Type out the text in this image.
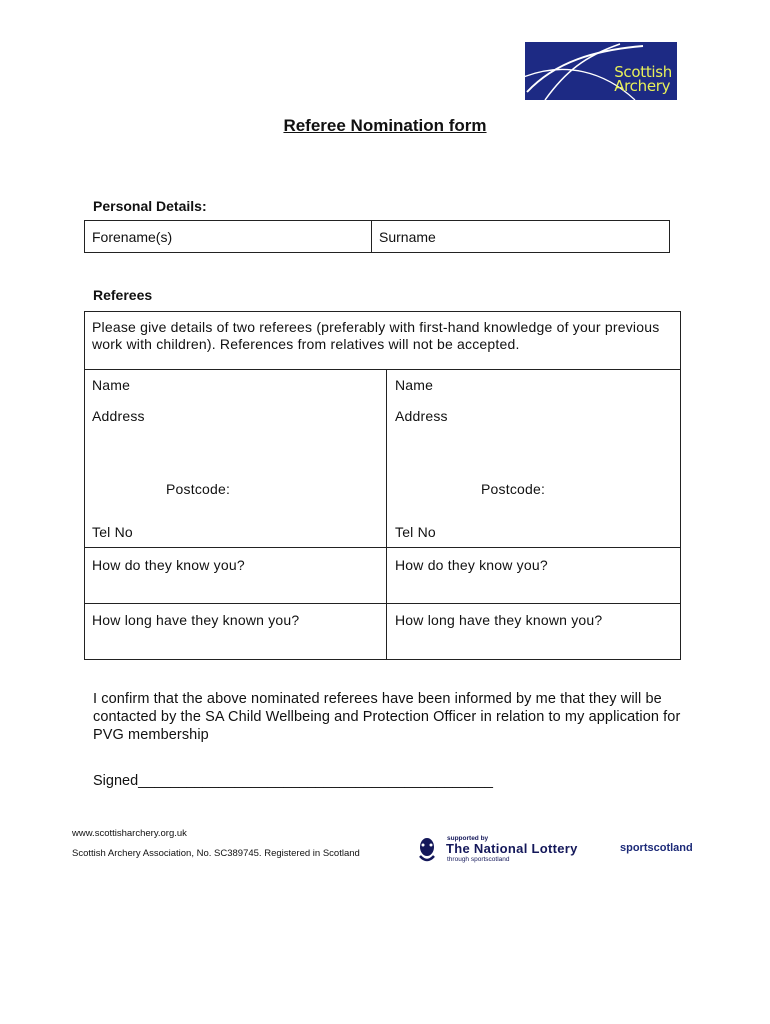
Scottish
Archery
Referee Nomination form
Personal Details:
Forename(s)	Surname
Referees
Please give details of two referees (preferably with first-hand knowledge of your previous work with children). References from relatives will not be accepted.
Name
Address
Postcode:
Tel No
How do they know you?
How long have they known you?
Name
Address
Postcode:
Tel No
How do they know you?
How long have they known you?
I confirm that the above nominated referees have been informed by me that they will be contacted by the SA Child Wellbeing and Protection Officer in relation to my application for PVG membership
Signed____________________________________________
www.scottisharchery.org.uk
Scottish Archery Association, No. SC389745. Registered in Scotland
supported by
The National Lottery
through sportscotland
sportscotland
